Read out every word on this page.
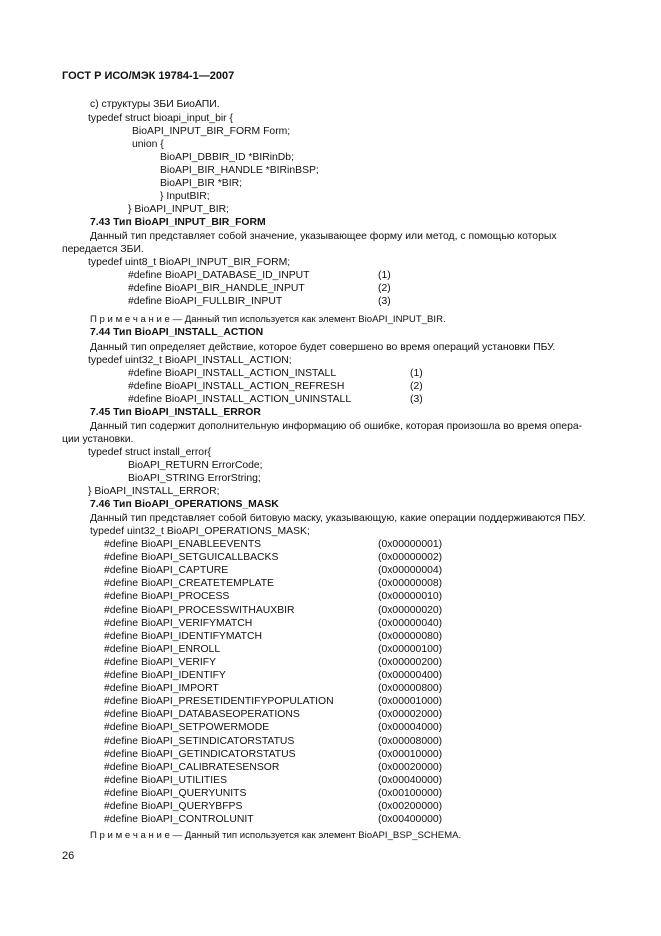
ГОСТ Р ИСО/МЭК 19784-1—2007
с) структуры ЗБИ БиоАПИ.
typedef struct bioapi_input_bir {
BioAPI_INPUT_BIR_FORM Form;
union {
BioAPI_DBBIR_ID *BIRinDb;
BioAPI_BIR_HANDLE *BIRinBSP;
BioAPI_BIR *BIR;
} InputBIR;
} BioAPI_INPUT_BIR;
7.43 Тип BioAPI_INPUT_BIR_FORM
Данный тип представляет собой значение, указывающее форму или метод, с помощью которых
передается ЗБИ.
typedef uint8_t BioAPI_INPUT_BIR_FORM;
#define BioAPI_DATABASE_ID_INPUT	(1)
#define BioAPI_BIR_HANDLE_INPUT	(2)
#define BioAPI_FULLBIR_INPUT	(3)
П р и м е ч а н и е — Данный тип используется как элемент BioAPI_INPUT_BIR.
7.44 Тип BioAPI_INSTALL_ACTION
Данный тип определяет действие, которое будет совершено во время операций установки ПБУ.
typedef uint32_t BioAPI_INSTALL_ACTION;
#define BioAPI_INSTALL_ACTION_INSTALL	(1)
#define BioAPI_INSTALL_ACTION_REFRESH	(2)
#define BioAPI_INSTALL_ACTION_UNINSTALL	(3)
7.45 Тип BioAPI_INSTALL_ERROR
Данный тип содержит дополнительную информацию об ошибке, которая произошла во время опера-
ции установки.
typedef struct install_error{
BioAPI_RETURN ErrorCode;
BioAPI_STRING ErrorString;
} BioAPI_INSTALL_ERROR;
7.46 Тип BioAPI_OPERATIONS_MASK
Данный тип представляет собой битовую маску, указывающую, какие операции поддерживаются ПБУ.
typedef uint32_t BioAPI_OPERATIONS_MASK;
#define BioAPI_ENABLEEVENTS	(0x00000001)
#define BioAPI_SETGUICALLBACKS	(0x00000002)
#define BioAPI_CAPTURE	(0x00000004)
#define BioAPI_CREATETEMPLATE	(0x00000008)
#define BioAPI_PROCESS	(0x00000010)
#define BioAPI_PROCESSWITHAUXBIR	(0x00000020)
#define BioAPI_VERIFYMATCH	(0x00000040)
#define BioAPI_IDENTIFYMATCH	(0x00000080)
#define BioAPI_ENROLL	(0x00000100)
#define BioAPI_VERIFY	(0x00000200)
#define BioAPI_IDENTIFY	(0x00000400)
#define BioAPI_IMPORT	(0x00000800)
#define BioAPI_PRESETIDENTIFYPOPULATION	(0x00001000)
#define BioAPI_DATABASEOPERATIONS	(0x00002000)
#define BioAPI_SETPOWERMODE	(0x00004000)
#define BioAPI_SETINDICATORSTATUS	(0x00008000)
#define BioAPI_GETINDICATORSTATUS	(0x00010000)
#define BioAPI_CALIBRATESENSOR	(0x00020000)
#define BioAPI_UTILITIES	(0x00040000)
#define BioAPI_QUERYUNITS	(0x00100000)
#define BioAPI_QUERYBFPS	(0x00200000)
#define BioAPI_CONTROLUNIT	(0x00400000)
П р и м е ч а н и е — Данный тип используется как элемент BioAPI_BSP_SCHEMA.
26
